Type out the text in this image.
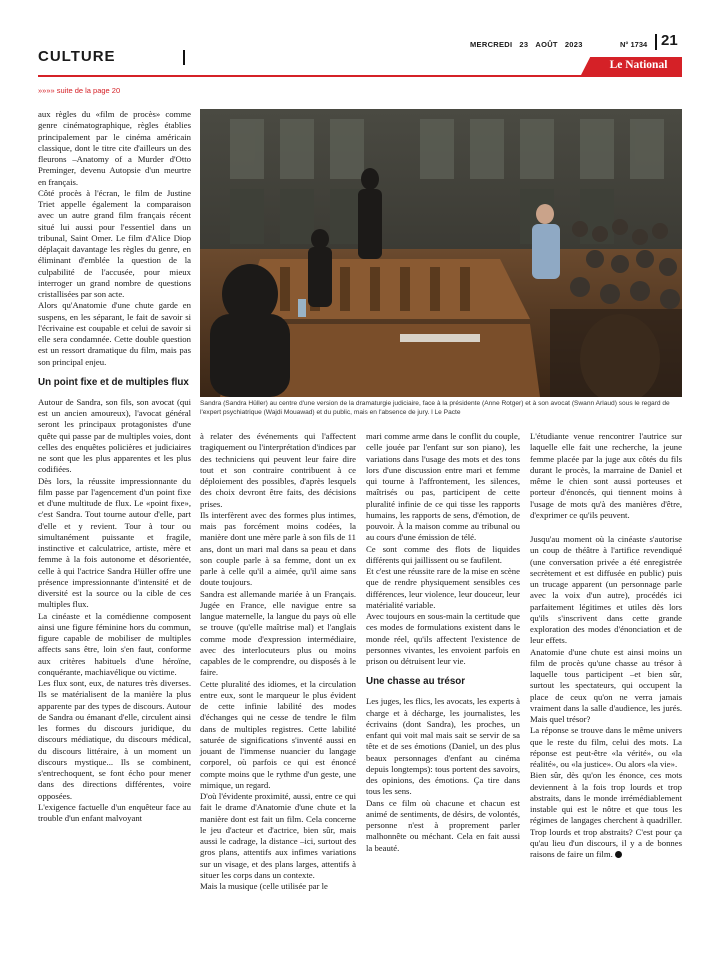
CULTURE
MERCREDI 23 AOÛT 2023	N° 1734 21
Le National
»»»» suite de la page 20

aux règles du «film de procès» comme genre cinématographique, règles établies principalement par le cinéma américain classique, dont le titre cite d'ailleurs un des fleurons –Anatomy of a Murder d'Otto Preminger, devenu Autopsie d'un meurtre en français.

Côté procès à l'écran, le film de Justine Triet appelle également la comparaison avec un autre grand film français récent situé lui aussi pour l'essentiel dans un tribunal, Saint Omer. Le film d'Alice Diop déplaçait davantage les règles du genre, en éliminant d'emblée la question de la culpabilité de l'accusée, pour mieux interroger un grand nombre de questions cristallisées par son acte.

Alors qu'Anatomie d'une chute garde en suspens, en les séparant, le fait de savoir si l'écrivaine est coupable et celui de savoir si elle sera condamnée. Cette double question est un ressort dramatique du film, mais pas son principal enjeu.

Un point fixe et de multiples flux

Autour de Sandra, son fils, son avocat (qui est un ancien amoureux), l'avocat général seront les principaux protagonistes d'une quête qui passe par de multiples voies, dont celles des enquêtes policières et judiciaires ne sont que les plus apparentes et les plus codifiées.

Dès lors, la réussite impressionnante du film passe par l'agencement d'un point fixe et d'une multitude de flux. Le «point fixe», c'est Sandra. Tout tourne autour d'elle, part d'elle et y revient. Tour à tour ou simultanément puissante et fragile, instinctive et calculatrice, artiste, mère et femme à la fois autonome et désorientée, celle à qui l'actrice Sandra Hüller offre une présence impressionnante d'intensité et de diversité est la source ou la cible de ces multiples flux.

La cinéaste et la comédienne composent ainsi une figure féminine hors du commun, figure capable de mobiliser de multiples affects sans être, loin s'en faut, conforme aux critères habituels d'une héroïne, conquérante, machiavélique ou victime.

Les flux sont, eux, de natures très diverses. Ils se matérialisent de la manière la plus apparente par des types de discours. Autour de Sandra ou émanant d'elle, circulent ainsi les formes du discours juridique, du discours médiatique, du discours médical, du discours littéraire, à un moment un discours mystique... Ils se combinent, s'entrechoquent, se font écho pour mener dans des directions différentes, voire opposées.

L'exigence factuelle d'un enquêteur face au trouble d'un enfant malvoyant

Sandra (Sandra Hüller) au centre d'une version de la dramaturgie judiciaire, face à la présidente (Anne Rotger) et à son avocat (Swann Arlaud) sous le regard de l'expert psychiatrique (Wajdi Mouawad) et du public, mais en l'absence de jury. l Le Pacte

à relater des événements qui l'affectent tragiquement ou l'interprétation d'indices par des techniciens qui peuvent leur faire dire tout et son contraire contribuent à ce déploiement des possibles, d'après lesquels des choix devront être faits, des décisions prises.

Ils interfèrent avec des formes plus intimes, mais pas forcément moins codées, la manière dont une mère parle à son fils de 11 ans, dont un mari mal dans sa peau et dans son couple parle à sa femme, dont un ex parle à celle qu'il a aimée, qu'il aime sans doute toujours.

Sandra est allemande mariée à un Français. Jugée en France, elle navigue entre sa langue maternelle, la langue du pays où elle se trouve (qu'elle maîtrise mal) et l'anglais comme mode d'expression intermédiaire, avec des interlocuteurs plus ou moins capables de le comprendre, ou disposés à le faire.

Cette pluralité des idiomes, et la circulation entre eux, sont le marqueur le plus évident de cette infinie labilité des modes d'échanges qui ne cesse de tendre le film dans de multiples registres. Cette labilité saturée de significations s'inventé aussi en jouant de l'immense nuancier du langage corporel, où parfois ce qui est énoncé compte moins que le rythme d'un geste, une mimique, un regard.

D'où l'évidente proximité, aussi, entre ce qui fait le drame d'Anatomie d'une chute et la manière dont est fait un film. Cela concerne le jeu d'acteur et d'actrice, bien sûr, mais aussi le cadrage, la distance –ici, surtout des gros plans, attentifs aux infimes variations sur un visage, et des plans larges, attentifs à situer les corps dans un contexte.

Mais la musique (celle utilisée par le

mari comme arme dans le conflit du couple, celle jouée par l'enfant sur son piano), les variations dans l'usage des mots et des tons lors d'une discussion entre mari et femme qui tourne à l'affrontement, les silences, maîtrisés ou pas, participent de cette pluralité infinie de ce qui tisse les rapports humains, les rapports de sens, d'émotion, de pouvoir. À la maison comme au tribunal ou au cours d'une émission de télé.

Ce sont comme des flots de liquides différents qui jaillissent ou se faufilent.

Et c'est une réussite rare de la mise en scène que de rendre physiquement sensibles ces différences, leur violence, leur douceur, leur matérialité variable.

Avec toujours en sous-main la certitude que ces modes de formulations existent dans le monde réel, qu'ils affectent l'existence de personnes vivantes, les envoient parfois en prison ou détruisent leur vie.

Une chasse au trésor

Les juges, les flics, les avocats, les experts à charge et à décharge, les journalistes, les écrivains (dont Sandra), les proches, un enfant qui voit mal mais sait se servir de sa tête et de ses émotions (Daniel, un des plus beaux personnages d'enfant au cinéma depuis longtemps): tous portent des savoirs, des opinions, des émotions. Ça tire dans tous les sens.

Dans ce film où chacune et chacun est animé de sentiments, de désirs, de volontés, personne n'est à proprement parler malhonnête ou méchant. Cela en fait aussi la beauté.

L'étudiante venue rencontrer l'autrice sur laquelle elle fait une recherche, la jeune femme placée par la juge aux côtés du fils durant le procès, la marraine de Daniel et même le chien sont aussi porteuses et porteur d'énoncés, qui tiennent moins à l'usage de mots qu'à des manières d'être, d'exprimer ce qu'ils peuvent.

Jusqu'au moment où la cinéaste s'autorise un coup de théâtre à l'artifice revendiqué (une conversation privée a été enregistrée secrètement et est diffusée en public) puis un trucage apparent (un personnage parle avec la voix d'un autre), procédés ici parfaitement légitimes et utiles dès lors qu'ils s'inscrivent dans cette grande exploration des modes d'énonciation et de leur effets.

Anatomie d'une chute est ainsi moins un film de procès qu'une chasse au trésor à laquelle tous participent –et bien sûr, surtout les spectateurs, qui occupent la place de ceux qu'on ne verra jamais vraiment dans la salle d'audience, les jurés. Mais quel trésor?

La réponse se trouve dans le même univers que le reste du film, celui des mots. La réponse est peut-être «la vérité», ou «la réalité», ou «la justice». Ou alors «la vie».

Bien sûr, dès qu'on les énonce, ces mots deviennent à la fois trop lourds et trop abstraits, dans le monde irrémédiablement instable qui est le nôtre et que tous les régimes de langages cherchent à quadriller. Trop lourds et trop abstraits? C'est pour ça qu'au lieu d'un discours, il y a de bonnes raisons de faire un film.
